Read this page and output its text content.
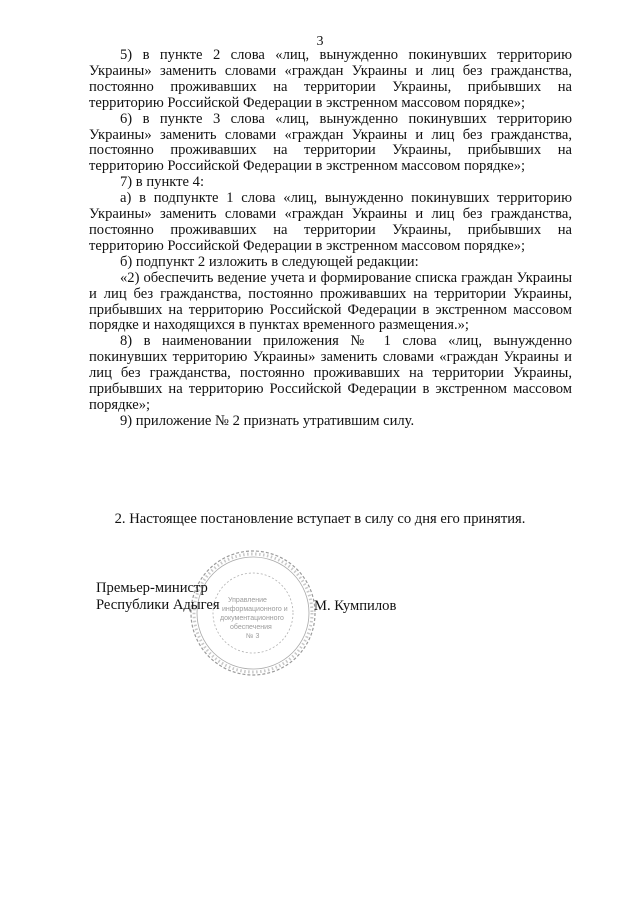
3

5) в пункте 2 слова «лиц, вынужденно покинувших территорию Украины» заменить словами «граждан Украины и лиц без гражданства, постоянно проживавших на территории Украины, прибывших на территорию Российской Федерации в экстренном массовом порядке»;

6) в пункте 3 слова «лиц, вынужденно покинувших территорию Украины» заменить словами «граждан Украины и лиц без гражданства, постоянно проживавших на территории Украины, прибывших на территорию Российской Федерации в экстренном массовом порядке»;

7) в пункте 4:

а) в подпункте 1 слова «лиц, вынужденно покинувших территорию Украины» заменить словами «граждан Украины и лиц без гражданства, постоянно проживавших на территории Украины, прибывших на территорию Российской Федерации в экстренном массовом порядке»;

б) подпункт 2 изложить в следующей редакции:

«2) обеспечить ведение учета и формирование списка граждан Украины и лиц без гражданства, постоянно проживавших на территории Украины, прибывших на территорию Российской Федерации в экстренном массовом порядке и находящихся в пунктах временного размещения.»;

8) в наименовании приложения № 1 слова «лиц, вынужденно покинувших территорию Украины» заменить словами «граждан Украины и лиц без гражданства, постоянно проживавших на территории Украины, прибывших на территорию Российской Федерации в экстренном массовом порядке»;

9) приложение № 2 признать утратившим силу.

2. Настоящее постановление вступает в силу со дня его принятия.
Управление
информационного и
документационного
обеспечения
№ 3
Премьер-министр
Республики Адыгея	М. Кумпилов
